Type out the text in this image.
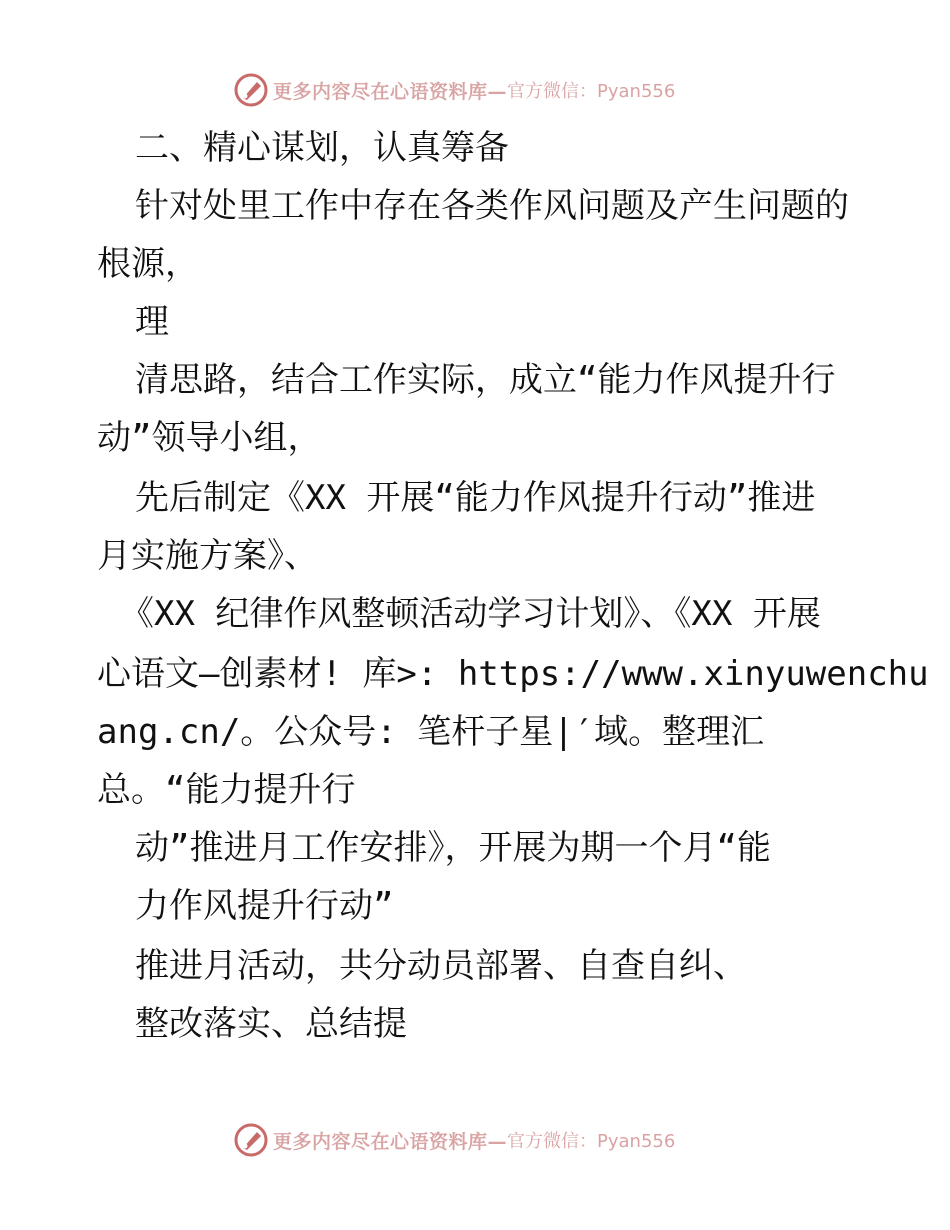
更多内容尽在心语资料库— 官方微信：Pyan556
二、精心谋划，认真筹备
针对处里工作中存在各类作风问题及产生问题的
根源，
理
清思路，结合工作实际，成立“能力作风提升行
动”领导小组，
先后制定《XX 开展“能力作风提升行动”推进
月实施方案》、
《XX 纪律作风整顿活动学习计划》、《XX 开展
心语文—创素材! 库>: https://www.xinyuwenchu
ang.cn/。公众号: 笔杆子星|′域。整理汇
总。“能力提升行
动”推进月工作安排》，开展为期一个月“能
力作风提升行动”
推进月活动，共分动员部署、自查自纠、
整改落实、总结提
更多内容尽在心语资料库— 官方微信：Pyan556
